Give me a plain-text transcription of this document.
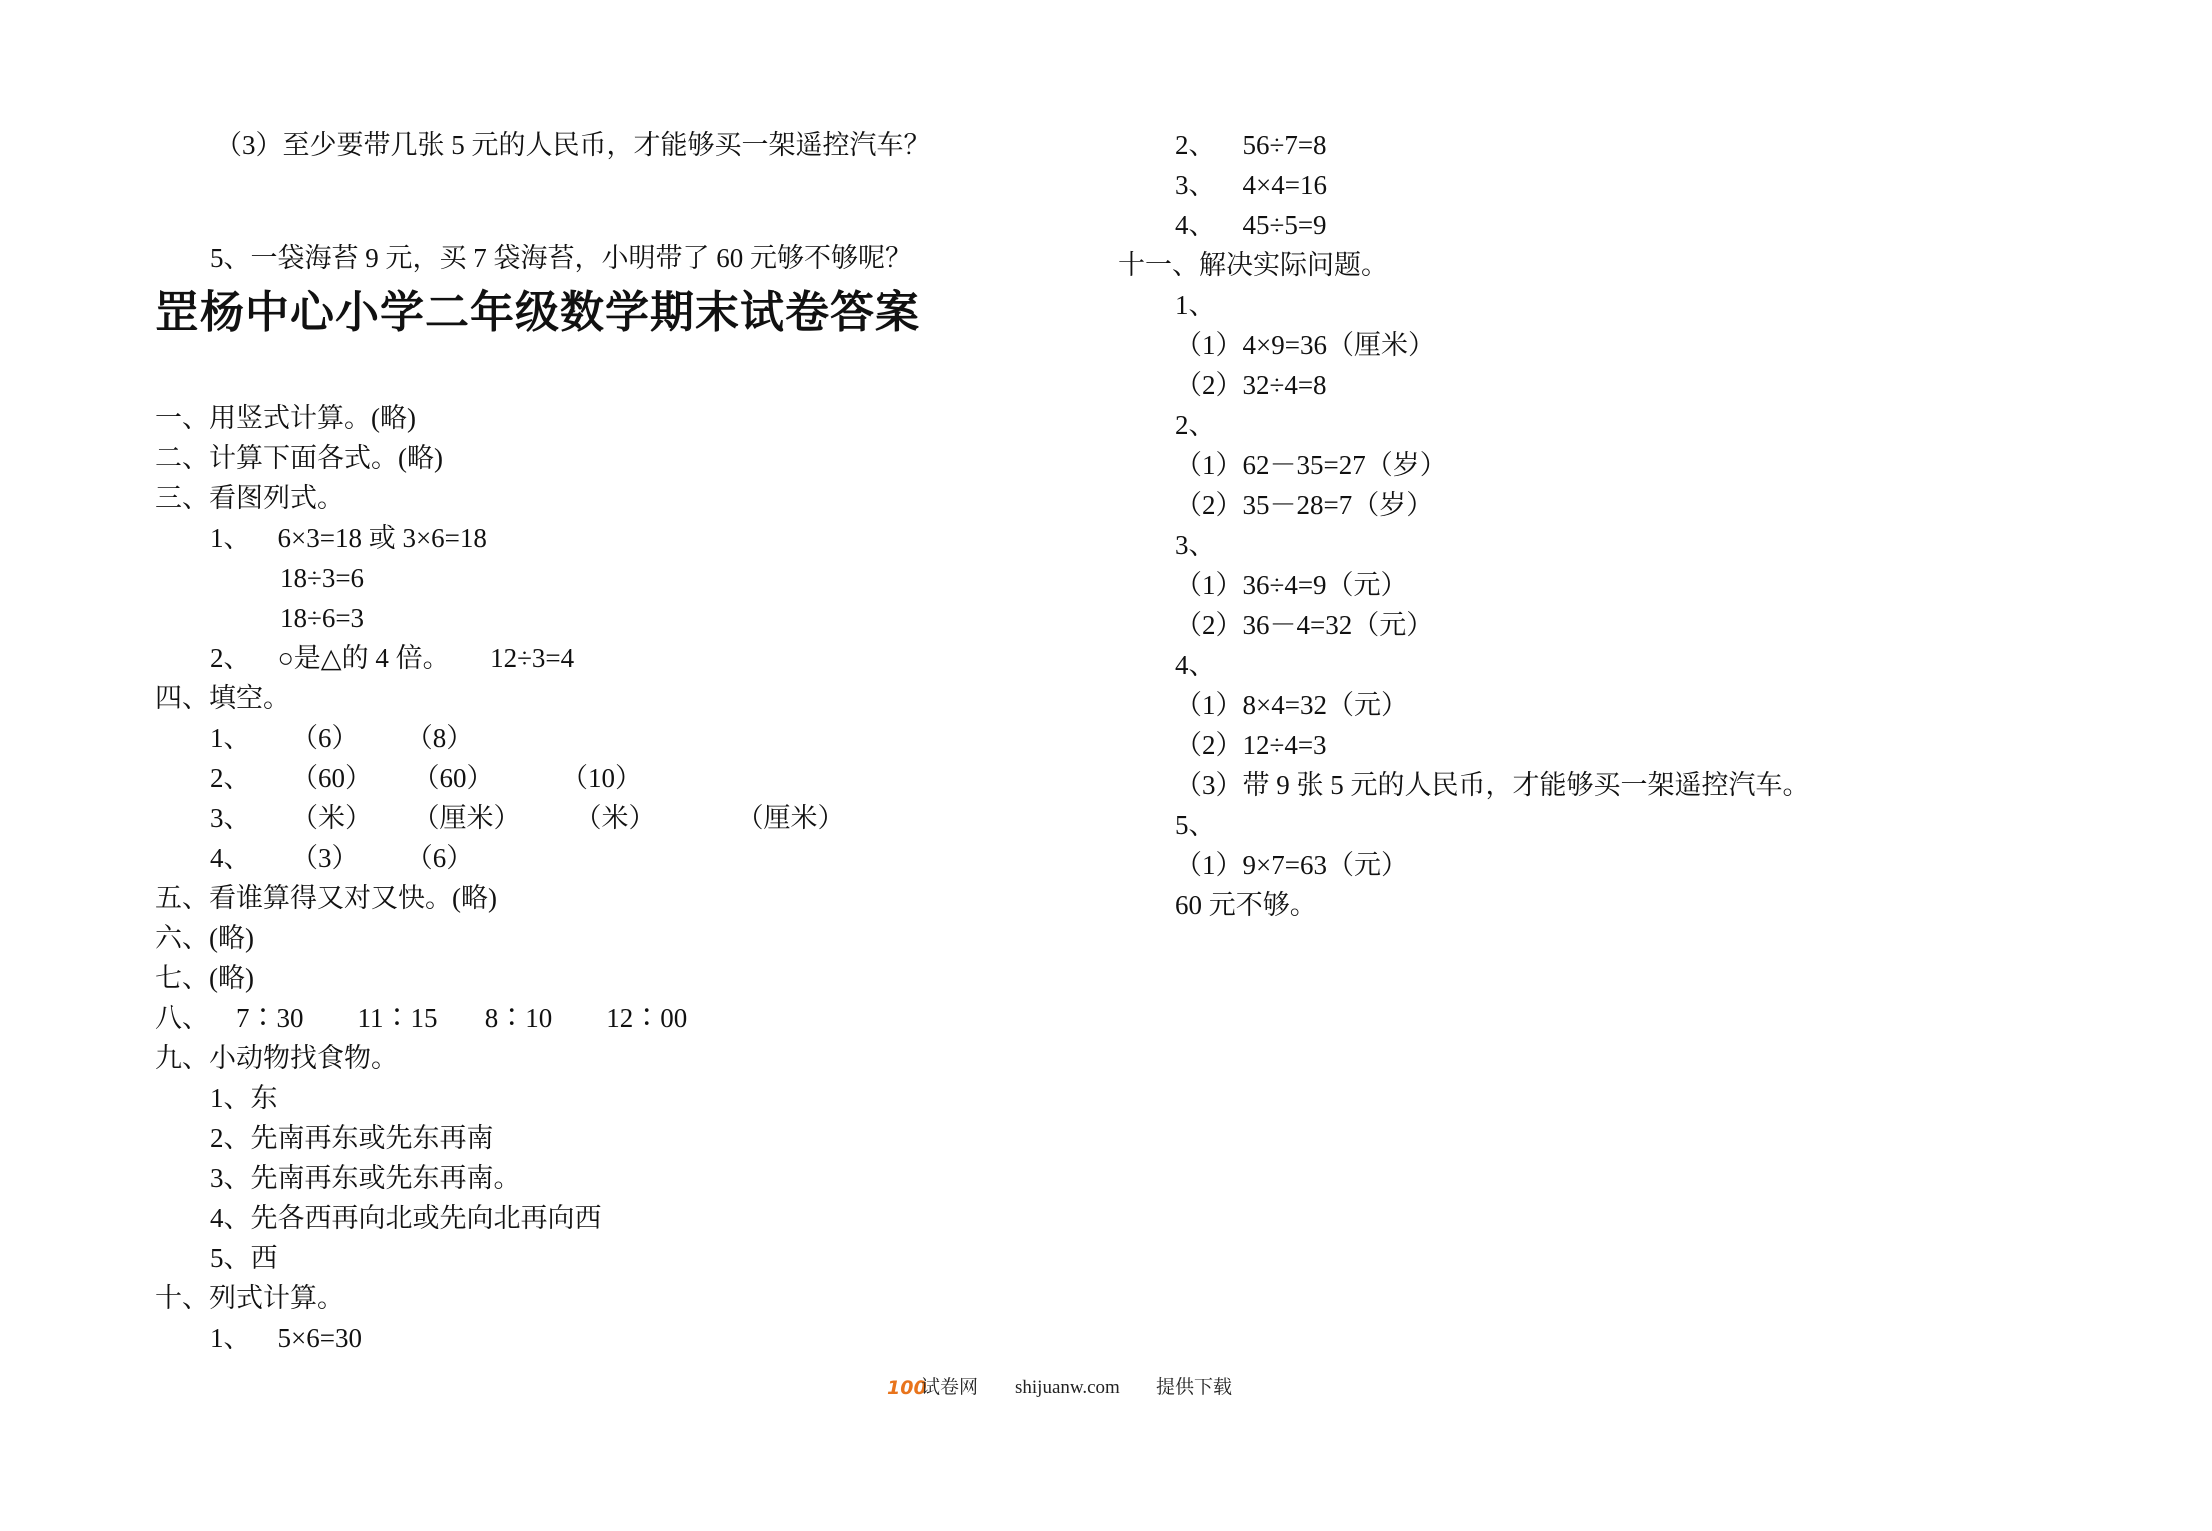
罡杨中心小学二年级数学期末试卷答案
（3）至少要带几张 5 元的人民币，才能够买一架遥控汽车？
5、一袋海苔 9 元，买 7 袋海苔，小明带了 60 元够不够呢？
一、用竖式计算。(略)
二、计算下面各式。(略)
三、看图列式。
1、    6×3=18 或 3×6=18
18÷3=6
18÷6=3
2、    ○是△的 4 倍。      12÷3=4
四、填空。
1、      （6）       （8）
2、      （60）      （60）          （10）
3、      （米）      （厘米）        （米）            （厘米）
4、      （3）       （6）
五、看谁算得又对又快。(略)
六、(略)
七、(略)
八、    7∶30        11∶15       8∶10        12∶00
九、小动物找食物。
1、东
2、先南再东或先东再南
3、先南再东或先东再南。
4、先各西再向北或先向北再向西
5、西
十、列式计算。
1、    5×6=30
2、    56÷7=8
3、    4×4=16
4、    45÷5=9
十一、解决实际问题。
1、
（1）4×9=36（厘米）
（2）32÷4=8
2、
（1）62－35=27（岁）
（2）35－28=7（岁）
3、
（1）36÷4=9（元）
（2）36－4=32（元）
4、
（1）8×4=32（元）
（2）12÷4=3
（3）带 9 张 5 元的人民币，才能够买一架遥控汽车。
5、
（1）9×7=63（元）
60 元不够。
100
试卷网 shijuanw.com 提供下载
